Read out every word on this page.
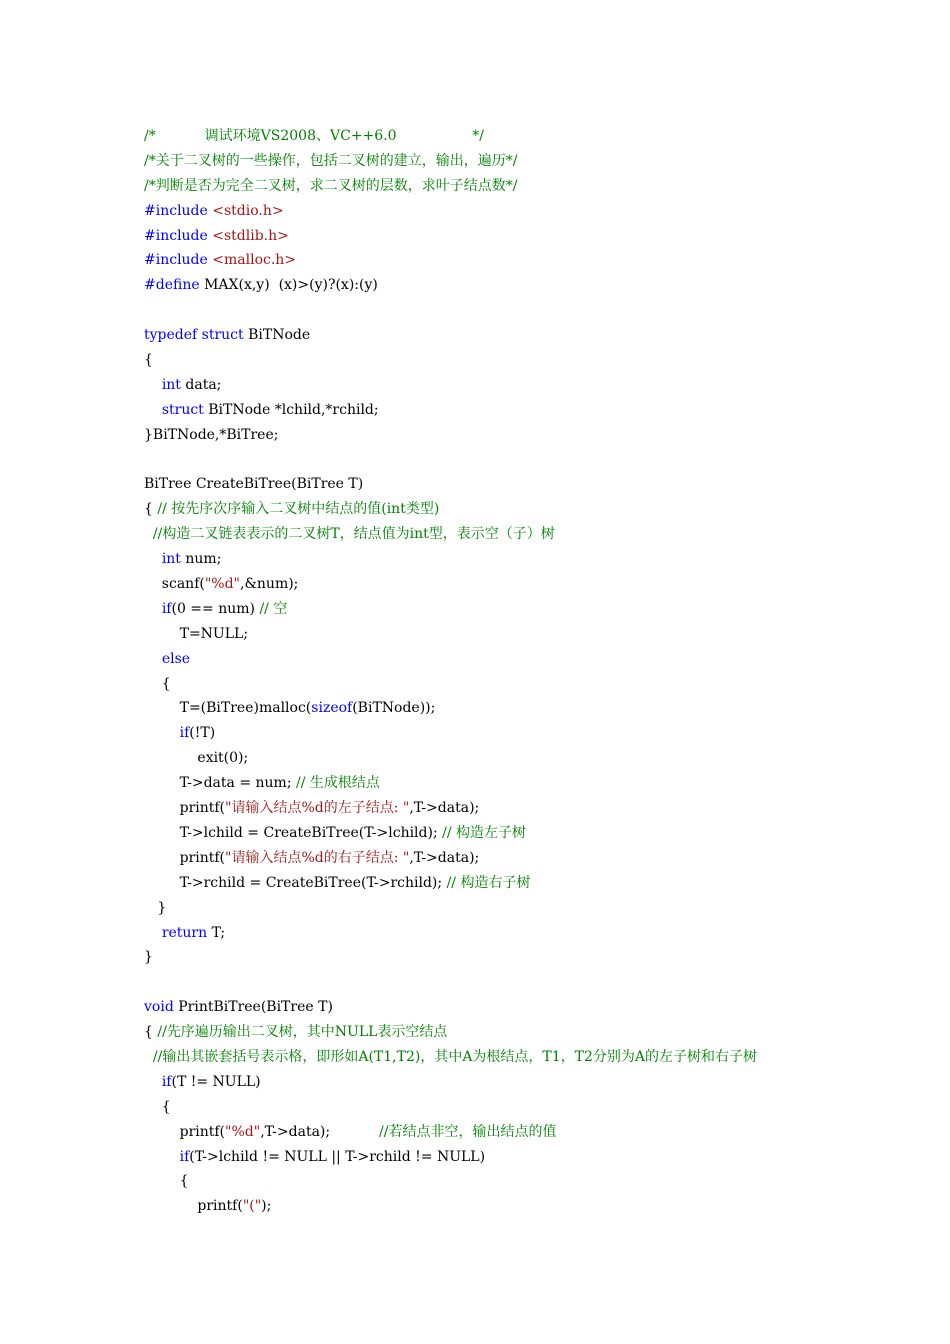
/*           调试环境VS2008、VC++6.0                 */
/*关于二叉树的一些操作，包括二叉树的建立，输出，遍历*/
/*判断是否为完全二叉树，求二叉树的层数，求叶子结点数*/
#include <stdio.h>
#include <stdlib.h>
#include <malloc.h>
#define MAX(x,y)  (x)>(y)?(x):(y)

typedef struct BiTNode
{
int data;
struct BiTNode *lchild,*rchild;
}BiTNode,*BiTree;

BiTree CreateBiTree(BiTree T)
{ // 按先序次序输入二叉树中结点的值(int类型)
//构造二叉链表表示的二叉树T，结点值为int型，表示空（子）树
int num;
scanf("%d",&num);
if(0 == num) // 空
T=NULL;
else
{
T=(BiTree)malloc(sizeof(BiTNode));
if(!T)
exit(0);
T->data = num; // 生成根结点
printf("请输入结点%d的左子结点: ",T->data);
T->lchild = CreateBiTree(T->lchild); // 构造左子树
printf("请输入结点%d的右子结点: ",T->data);
T->rchild = CreateBiTree(T->rchild); // 构造右子树
}
return T;
}

void PrintBiTree(BiTree T)
{ //先序遍历输出二叉树，其中NULL表示空结点
//输出其嵌套括号表示格，即形如A(T1,T2)，其中A为根结点，T1，T2分别为A的左子树和右子树
if(T != NULL)
{
printf("%d",T->data);           //若结点非空，输出结点的值
if(T->lchild != NULL || T->rchild != NULL)
{
printf("(");
